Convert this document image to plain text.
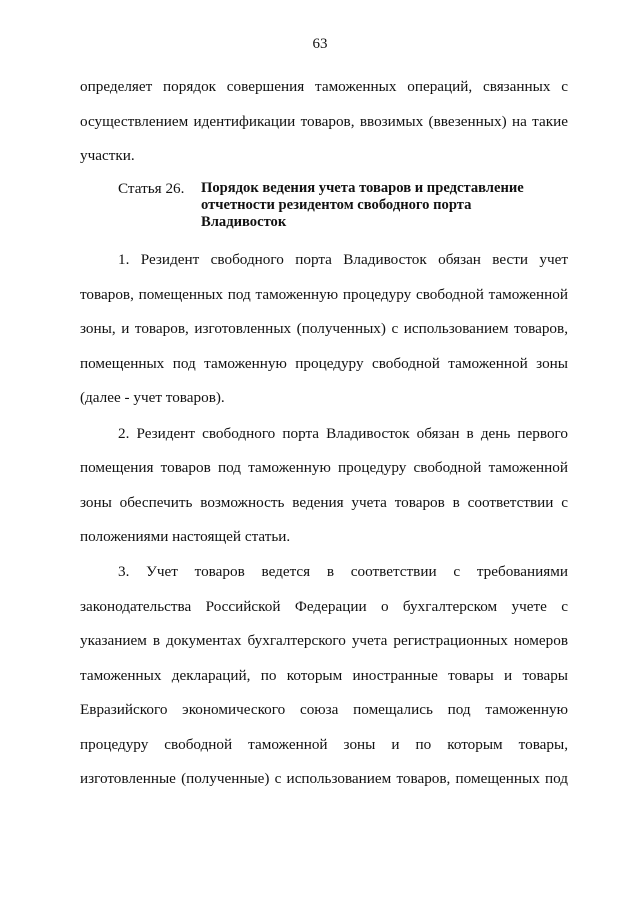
63
определяет порядок совершения таможенных операций, связанных с
осуществлением идентификации товаров, ввозимых (ввезенных) на такие
участки.
Статья 26. Порядок ведения учета товаров и представление
отчетности резидентом свободного порта
Владивосток
1. Резидент свободного порта Владивосток обязан вести учет
товаров, помещенных под таможенную процедуру свободной таможенной
зоны, и товаров, изготовленных (полученных) с использованием товаров,
помещенных под таможенную процедуру свободной таможенной зоны
(далее - учет товаров).
2. Резидент свободного порта Владивосток обязан в день первого
помещения товаров под таможенную процедуру свободной таможенной
зоны обеспечить возможность ведения учета товаров в соответствии с
положениями настоящей статьи.
3. Учет товаров ведется в соответствии с требованиями
законодательства Российской Федерации о бухгалтерском учете с
указанием в документах бухгалтерского учета регистрационных номеров
таможенных деклараций, по которым иностранные товары и товары
Евразийского экономического союза помещались под таможенную
процедуру свободной таможенной зоны и по которым товары,
изготовленные (полученные) с использованием товаров, помещенных под
